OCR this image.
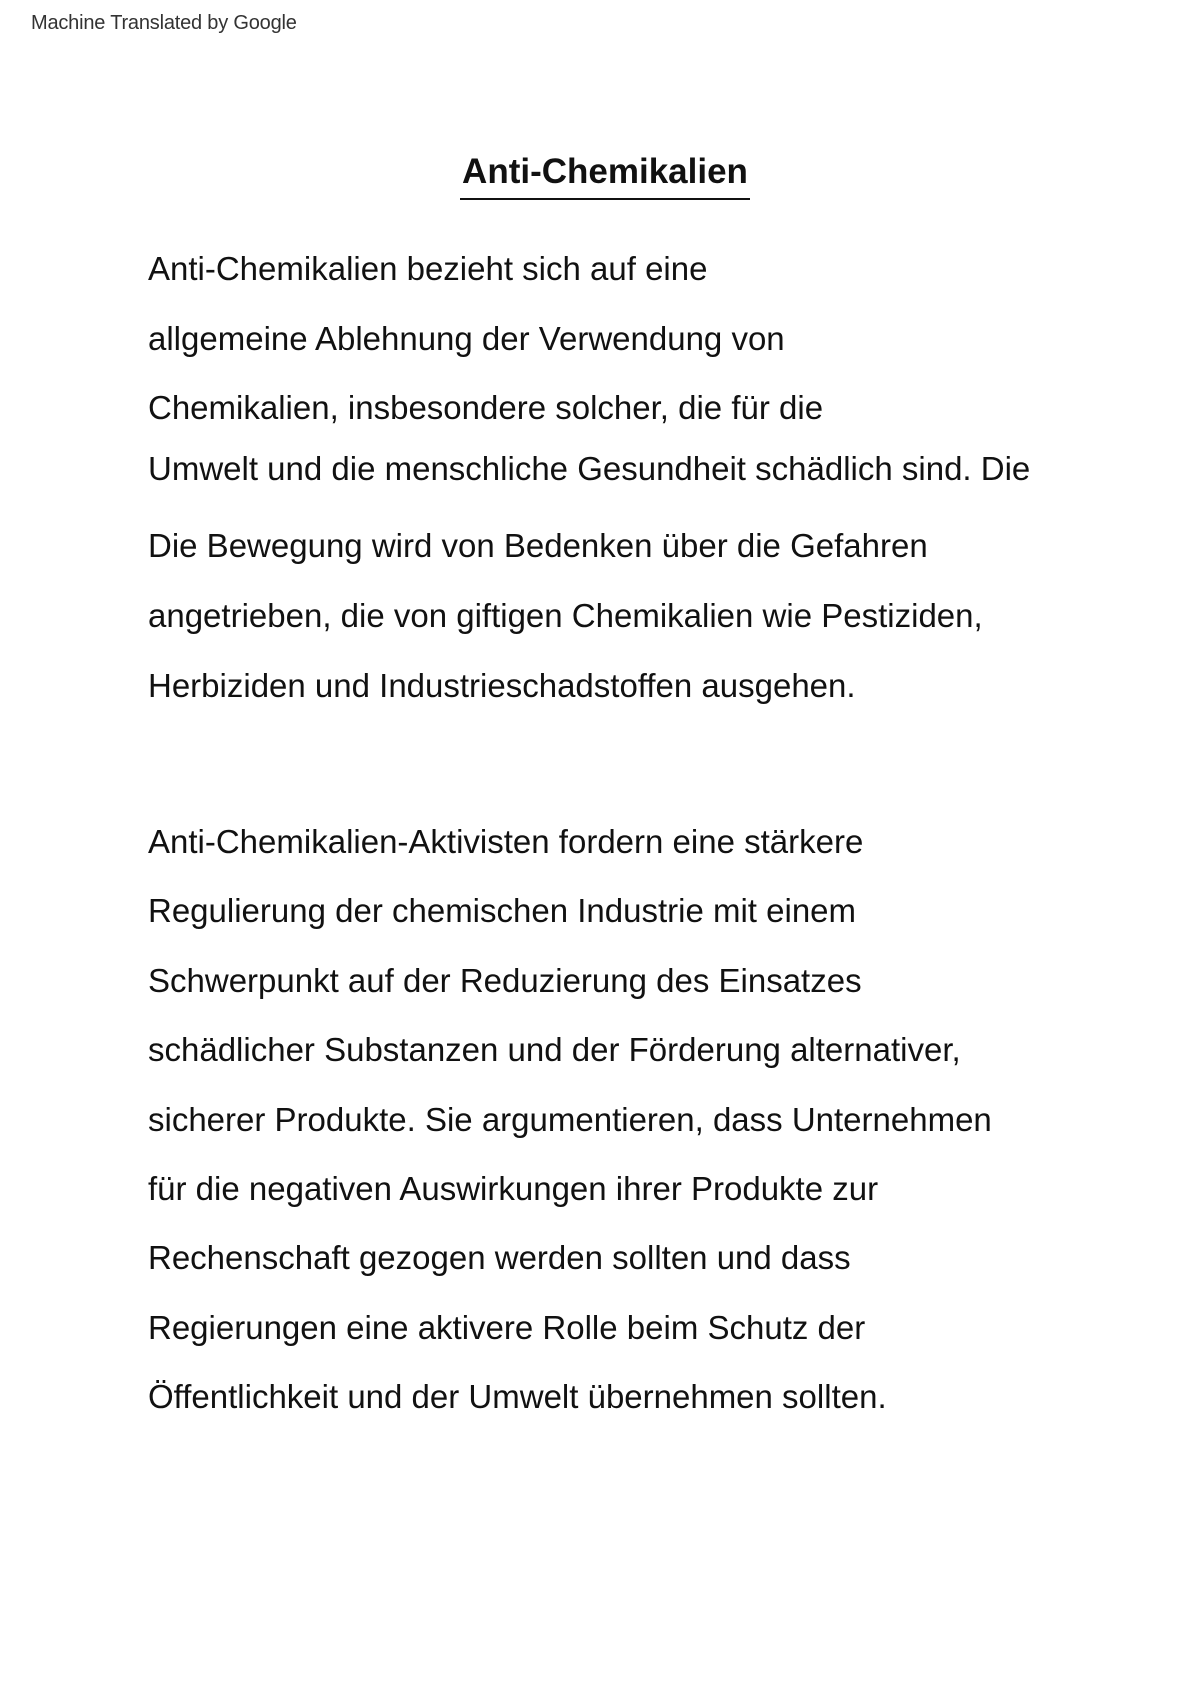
Machine Translated by Google
Anti-Chemikalien
Anti-Chemikalien bezieht sich auf eine
allgemeine Ablehnung der Verwendung von
Chemikalien, insbesondere solcher, die für die
Umwelt und die menschliche Gesundheit schädlich sind. Die
Die Bewegung wird von Bedenken über die Gefahren
angetrieben, die von giftigen Chemikalien wie Pestiziden,
Herbiziden und Industrieschadstoffen ausgehen.
Anti-Chemikalien-Aktivisten fordern eine stärkere
Regulierung der chemischen Industrie mit einem
Schwerpunkt auf der Reduzierung des Einsatzes
schädlicher Substanzen und der Förderung alternativer,
sicherer Produkte. Sie argumentieren, dass Unternehmen
für die negativen Auswirkungen ihrer Produkte zur
Rechenschaft gezogen werden sollten und dass
Regierungen eine aktivere Rolle beim Schutz der
Öffentlichkeit und der Umwelt übernehmen sollten.
